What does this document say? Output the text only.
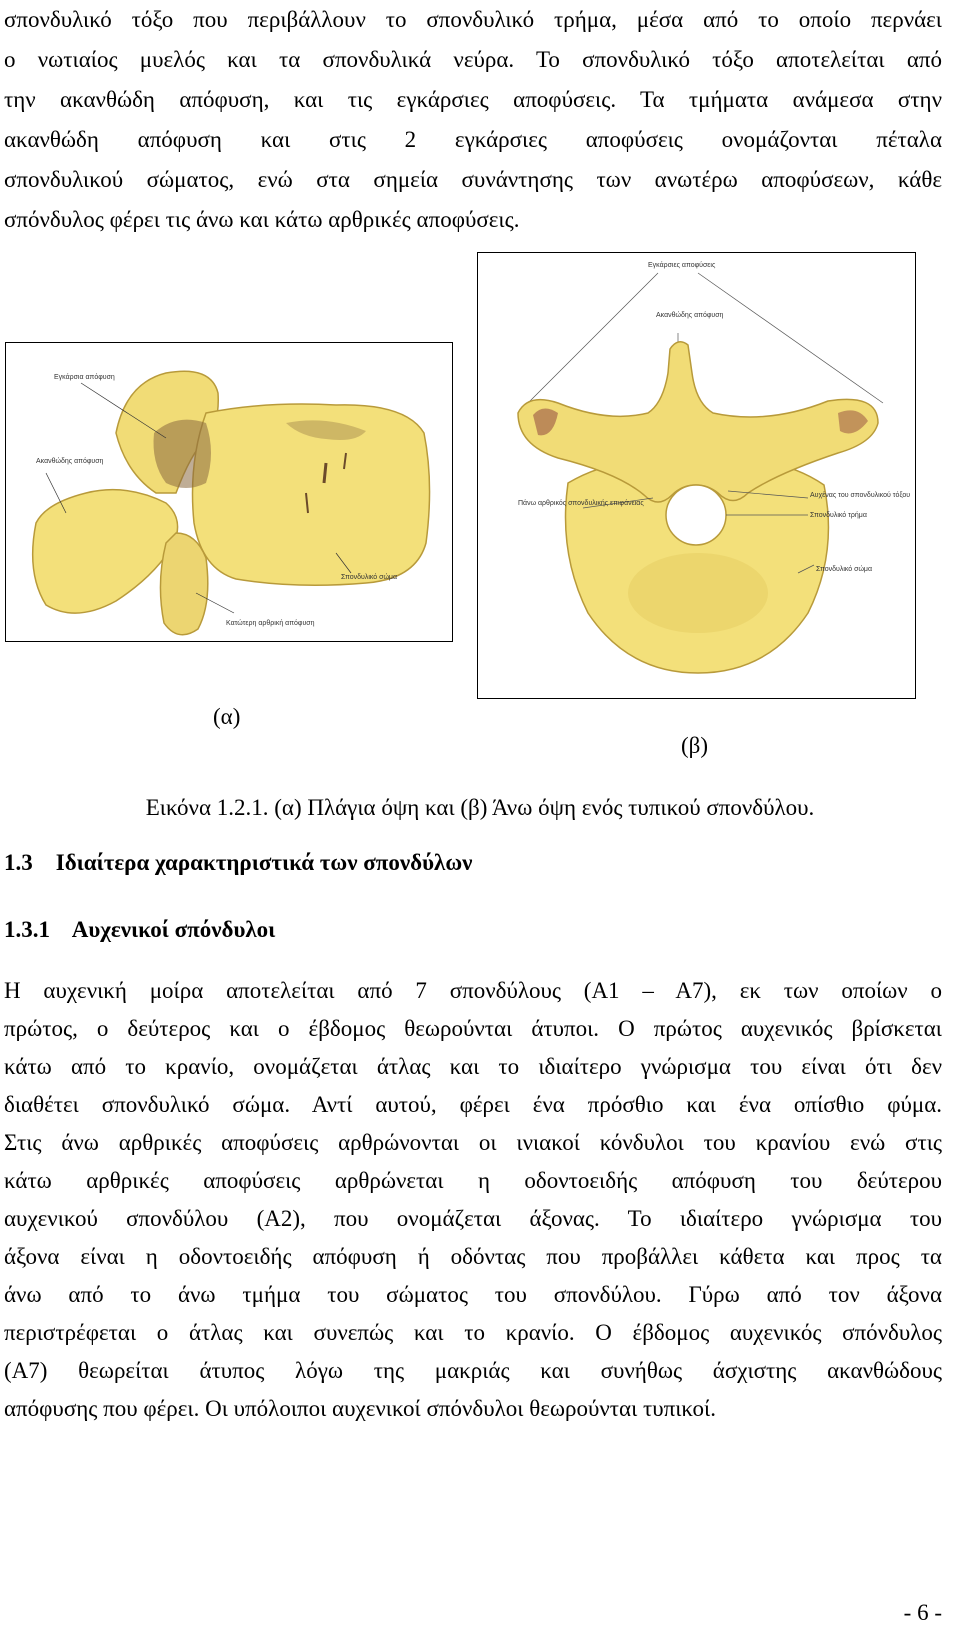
σπονδυλικό τόξο που περιβάλλουν το σπονδυλικό τρήμα, μέσα από το οποίο περνάει
ο νωτιαίος μυελός και τα σπονδυλικά νεύρα. Το σπονδυλικό τόξο αποτελείται από
την ακανθώδη απόφυση, και τις εγκάρσιες αποφύσεις. Τα τμήματα ανάμεσα στην
ακανθώδη απόφυση και στις 2 εγκάρσιες αποφύσεις ονομάζονται πέταλα
σπονδυλικού σώματος, ενώ στα σημεία συνάντησης των ανωτέρω αποφύσεων, κάθε
σπόνδυλος φέρει τις άνω και κάτω αρθρικές αποφύσεις.
Εγκάρσια απόφυση
Ακανθώδης απόφυση
Κατώτερη αρθρική απόφυση
Σπονδυλικό σώμα
Εγκάρσιες αποφύσεις
Ακανθώδης απόφυση
Πάνω αρθρικός σπονδυλικής επιφάνειας
Αυχένας του σπονδυλικού τόξου
Σπονδυλικό τρήμα
Σπονδυλικό σώμα
(α)
(β)
Εικόνα 1.2.1. (α) Πλάγια όψη και (β) Άνω όψη ενός τυπικού σπονδύλου.
1.3    Ιδιαίτερα χαρακτηριστικά των σπονδύλων
1.3.1    Αυχενικοί σπόνδυλοι
Η αυχενική μοίρα αποτελείται από 7 σπονδύλους (Α1 – Α7), εκ των οποίων ο
πρώτος, ο δεύτερος και ο έβδομος θεωρούνται άτυποι. Ο πρώτος αυχενικός βρίσκεται
κάτω από το κρανίο, ονομάζεται άτλας και το ιδιαίτερο γνώρισμα του είναι ότι δεν
διαθέτει σπονδυλικό σώμα. Αντί αυτού, φέρει ένα πρόσθιο και ένα οπίσθιο φύμα.
Στις άνω αρθρικές αποφύσεις αρθρώνονται οι ινιακοί κόνδυλοι του κρανίου ενώ στις
κάτω αρθρικές αποφύσεις αρθρώνεται η οδοντοειδής απόφυση του δεύτερου
αυχενικού σπονδύλου (Α2), που ονομάζεται άξονας. Το ιδιαίτερο γνώρισμα του
άξονα είναι η οδοντοειδής απόφυση ή οδόντας που προβάλλει κάθετα και προς τα
άνω από το άνω τμήμα του σώματος του σπονδύλου. Γύρω από τον άξονα
περιστρέφεται ο άτλας και συνεπώς και το κρανίο. Ο έβδομος αυχενικός σπόνδυλος
(Α7) θεωρείται άτυπος λόγω της μακριάς και συνήθως άσχιστης ακανθώδους
απόφυσης που φέρει. Οι υπόλοιποι αυχενικοί σπόνδυλοι θεωρούνται τυπικοί.
- 6 -
